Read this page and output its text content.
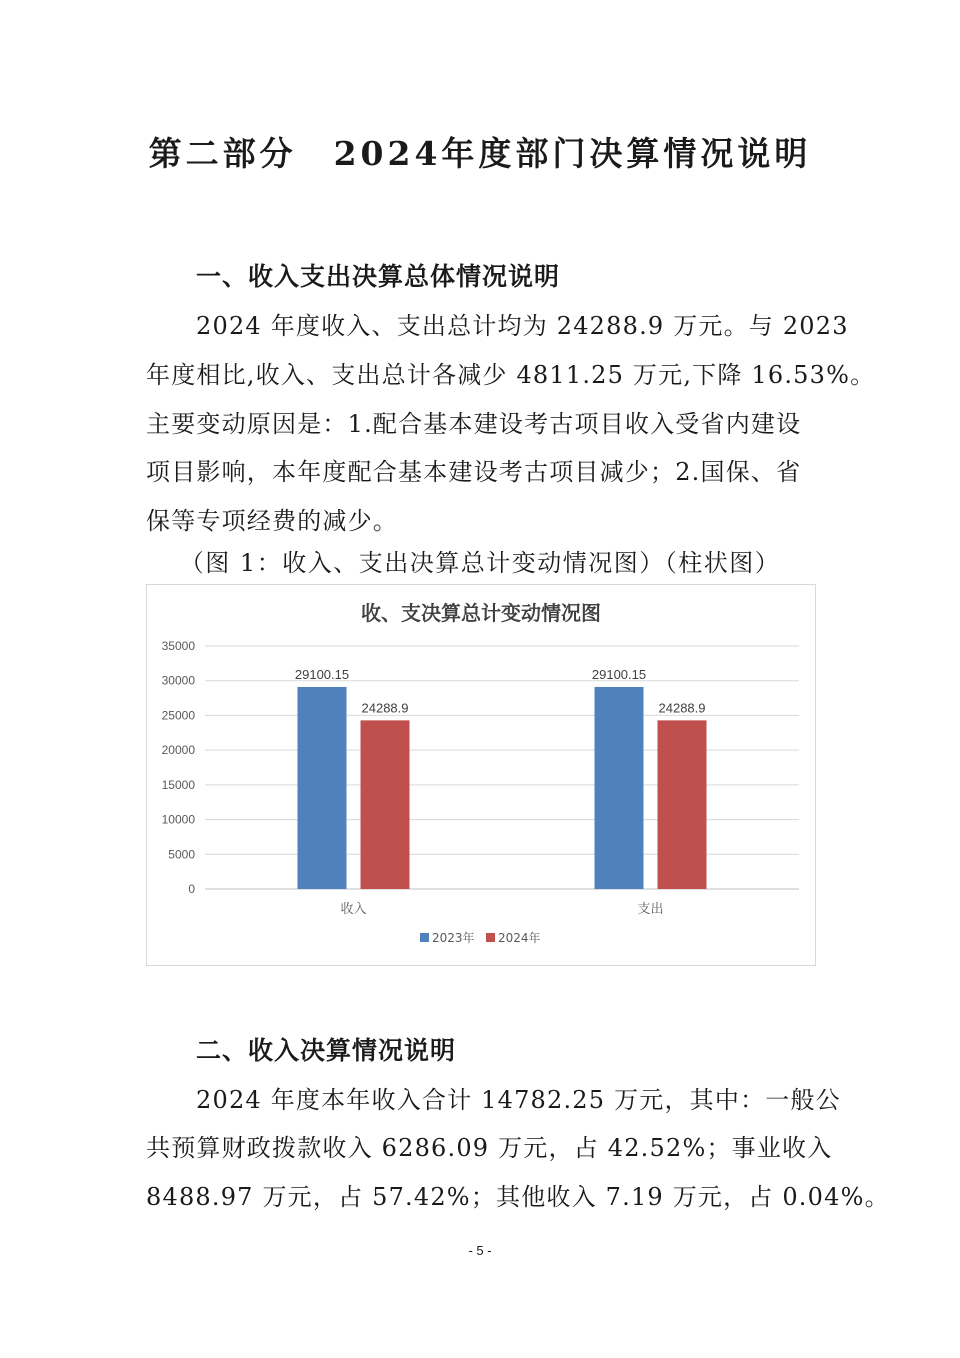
第二部分　2024年度部门决算情况说明
一、收入支出决算总体情况说明
2024 年度收入、支出总计均为 24288.9 万元。与 2023
年度相比,收入、支出总计各减少 4811.25 万元,下降 16.53%。
主要变动原因是：1.配合基本建设考古项目收入受省内建设
项目影响，本年度配合基本建设考古项目减少；2.国保、省
保等专项经费的减少。
（图 1：收入、支出决算总计变动情况图）（柱状图）
收、支决算总计变动情况图
0
5000
10000
15000
20000
25000
30000
35000
29100.15
24288.9
收入
29100.15
24288.9
支出
2023年 2024年
二、收入决算情况说明
2024 年度本年收入合计 14782.25 万元，其中：一般公
共预算财政拨款收入 6286.09 万元，占 42.52%；事业收入
8488.97 万元，占 57.42%；其他收入 7.19 万元，占 0.04%。
- 5 -
